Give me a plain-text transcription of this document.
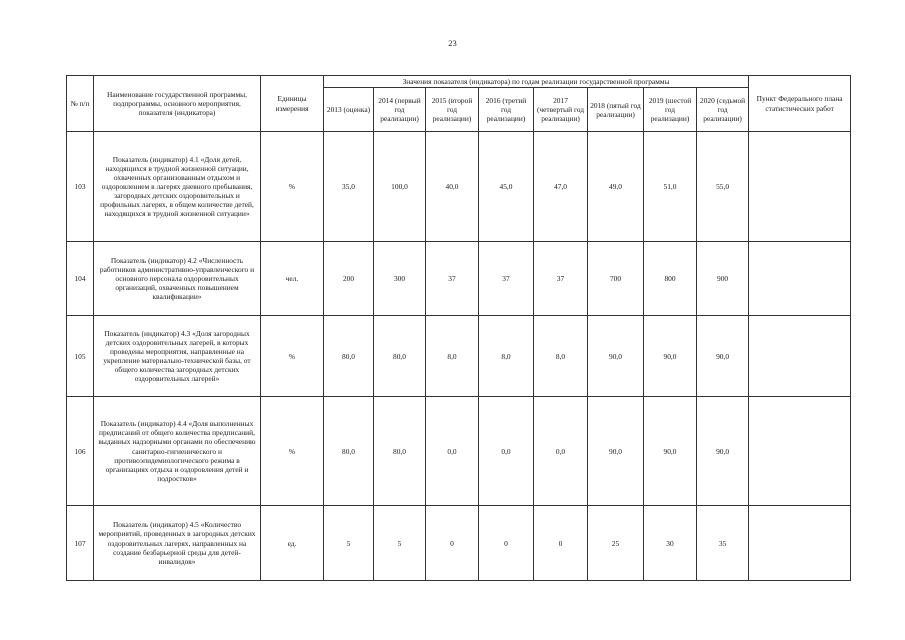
23
№ п/п	Наименование государственной программы, подпрограммы, основного мероприятия, показателя (индикатора)	Единицы измерения	Значения показателя (индикатора) по годам реализации государственной программы								Пункт Федерального плана статистических работ
			2013 (оценка)	2014 (первый год реализации)	2015 (второй год реализации)	2016 (третий год реализации)	2017 (четвертый год реализации)	2018 (пятый год реализации)	2019 (шестой год реализации)	2020 (седьмой год реализации)	
103	Показатель (индикатор) 4.1 «Доля детей, находящихся в трудной жизненной ситуации, охваченных организованным отдыхом и оздоровлением в лагерях дневного пребывания, загородных детских оздоровительных и профильных лагерях, в общем количестве детей, находящихся в трудной жизненной ситуации»	%	35,0	100,0	40,0	45,0	47,0	49,0	51,0	55,0	
104	Показатель (индикатор) 4.2 «Численность работников административно-управленческого и основного персонала оздоровительных организаций, охваченных повышением квалификации»	чел.	200	300	37	37	37	700	800	900	
105	Показатель (индикатор) 4.3 «Доля загородных детских оздоровительных лагерей, в которых проведены мероприятия, направленные на укрепление материально-технической базы, от общего количества загородных детских оздоровительных лагерей»	%	80,0	80,0	8,0	8,0	8,0	90,0	90,0	90,0	
106	Показатель (индикатор) 4.4 «Доля выполненных предписаний от общего количества предписаний, выданных надзорными органами по обеспечению санитарно-гигиенического и противоэпидемиологического режима в организациях отдыха и оздоровления детей и подростков»	%	80,0	80,0	0,0	0,0	0,0	90,0	90,0	90,0	
107	Показатель (индикатор) 4.5 «Количество мероприятий, проведенных в загородных детских оздоровительных лагерях, направленных на создание безбарьерной среды для детей-инвалидов»	ед.	5	5	0	0	0	25	30	35	
